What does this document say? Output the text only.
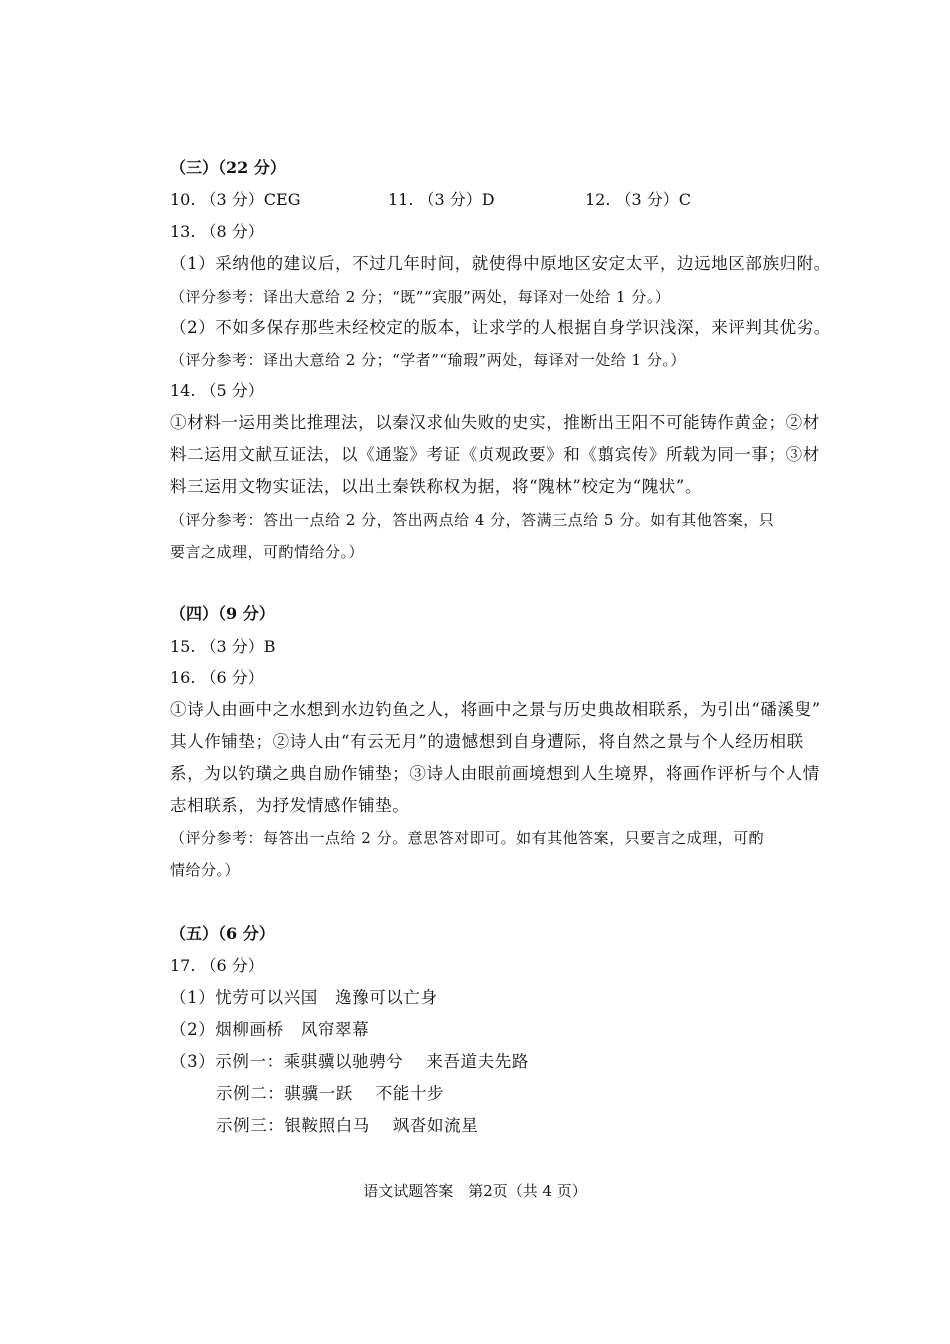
（三）（22 分）
10. （3 分）CEG	11. （3 分）D	12. （3 分）C
13. （8 分）
（1）采纳他的建议后，不过几年时间，就使得中原地区安定太平，边远地区部族归附。
（评分参考：译出大意给 2 分；“既”“宾服”两处，每译对一处给 1 分。）
（2）不如多保存那些未经校定的版本，让求学的人根据自身学识浅深，来评判其优劣。
（评分参考：译出大意给 2 分；“学者”“瑜瑕”两处，每译对一处给 1 分。）
14. （5 分）
①材料一运用类比推理法，以秦汉求仙失败的史实，推断出王阳不可能铸作黄金；②材
料二运用文献互证法，以《通鉴》考证《贞观政要》和《翦宾传》所载为同一事；③材
料三运用文物实证法，以出土秦铁称权为据，将“隗林”校定为“隗状”。
（评分参考：答出一点给 2 分，答出两点给 4 分，答满三点给 5 分。如有其他答案，只
要言之成理，可酌情给分。）
（四）（9 分）
15. （3 分）B
16. （6 分）
①诗人由画中之水想到水边钓鱼之人，将画中之景与历史典故相联系，为引出“磻溪叟”
其人作铺垫；②诗人由“有云无月”的遗憾想到自身遭际，将自然之景与个人经历相联
系，为以钓璜之典自励作铺垫；③诗人由眼前画境想到人生境界，将画作评析与个人情
志相联系，为抒发情感作铺垫。
（评分参考：每答出一点给 2 分。意思答对即可。如有其他答案，只要言之成理，可酌
情给分。）
（五）（6 分）
17. （6 分）
（1）忧劳可以兴国　逸豫可以亡身
（2）烟柳画桥　风帘翠幕
（3）示例一：乘骐骥以驰骋兮　 来吾道夫先路
示例二：骐骥一跃　 不能十步
示例三：银鞍照白马　 飒沓如流星
语文试题答案　第2页（共 4 页）
